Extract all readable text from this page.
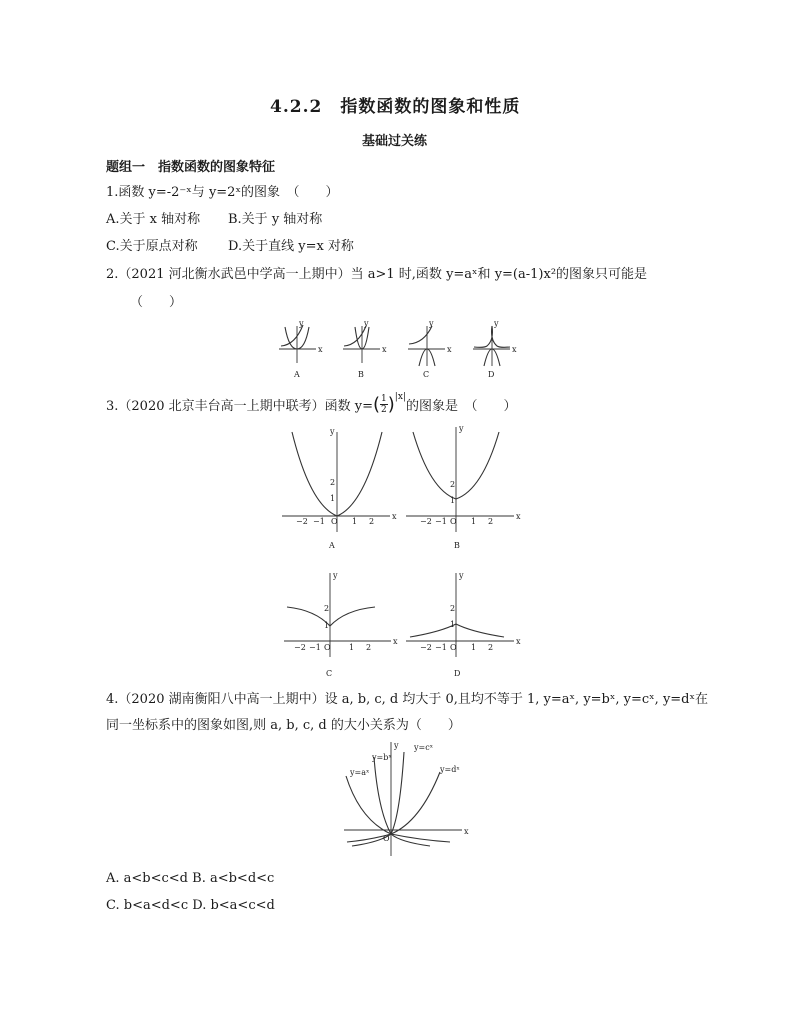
4.2.2　指数函数的图象和性质
基础过关练
题组一　指数函数的图象特征
1.函数 y=-2⁻ˣ与 y=2ˣ的图象　（　　）
A.关于 x 轴对称 B.关于 y 轴对称
C.关于原点对称 D.关于直线 y=x 对称
2.（2021 河北衡水武邑中学高一上期中）当 a>1 时,函数 y=aˣ和 y=(a-1)x²的图象只可能是
（　　）
x
y
A
x
y
B
x
y
C
x
y
D
3.（2020 北京丰台高一上期中联考）函数 y= ( $\frac{1}{2}$ ) |x|
的图象是　（　　）
x
y
O
−2 −1	1 2
1
2
A
x
y
O
−2 −1	1 2
1
2
B
x
y
O
−2 −1	1 2
1
2
C
x
y
O
−2 −1	1 2
1
2
D
4.（2020 湖南衡阳八中高一上期中）设 a, b, c, d 均大于 0,且均不等于 1, y=aˣ, y=bˣ, y=cˣ, y=dˣ在
同一坐标系中的图象如图,则 a, b, c, d 的大小关系为（　　）
y=aˣ
y=bˣ
y=cˣ
y=dˣ
x
y
O
A. a<b<c<d B. a<b<d<c
C. b<a<d<c D. b<a<c<d
